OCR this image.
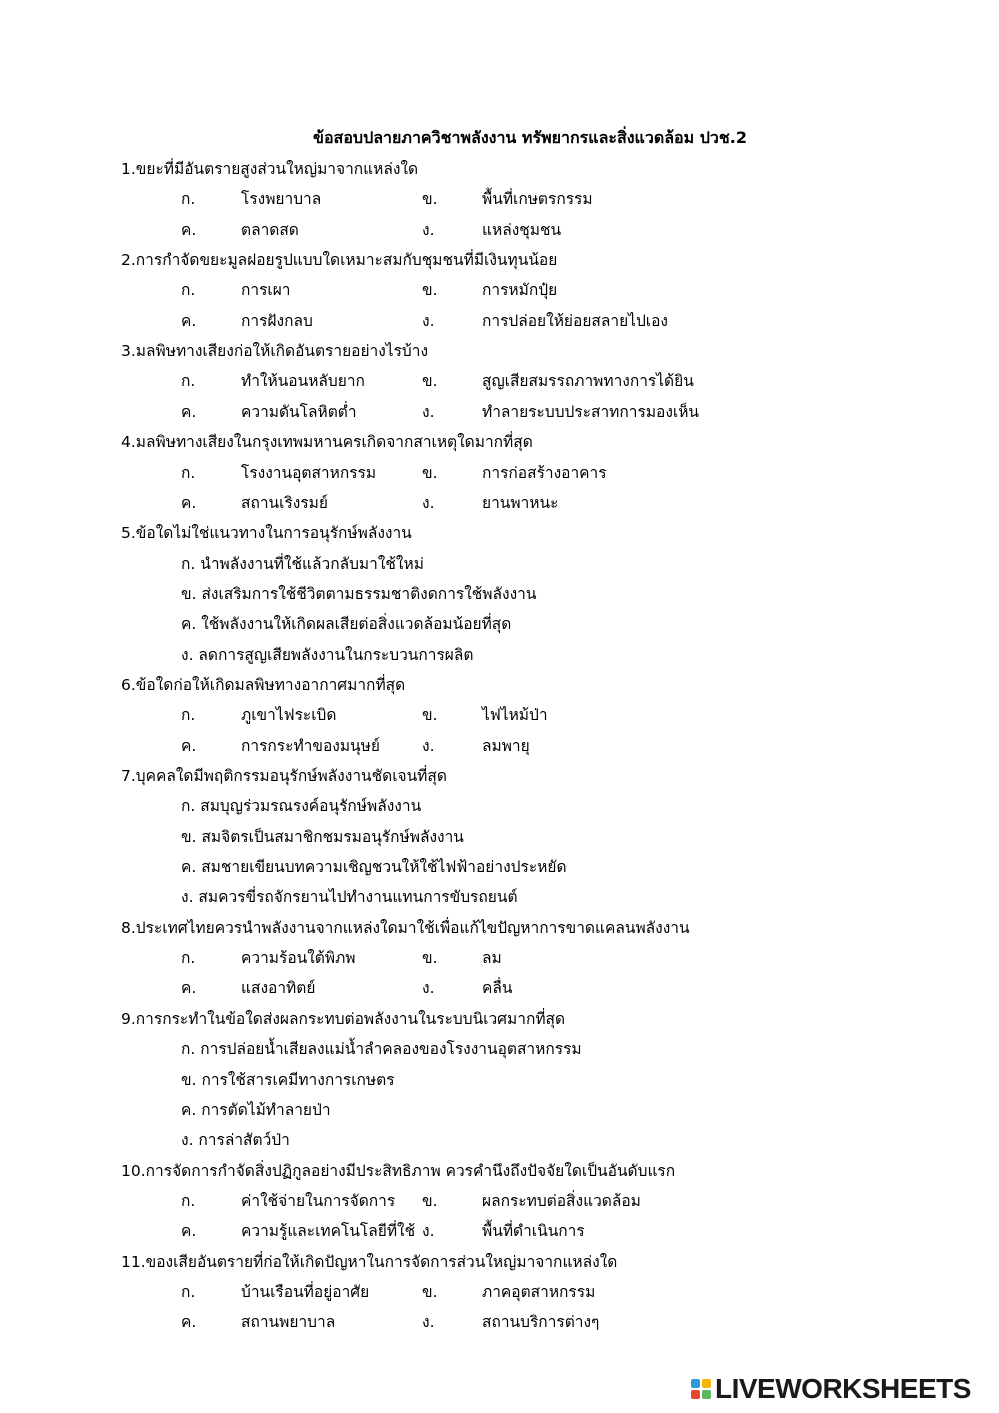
ข้อสอบปลายภาควิชาพลังงาน ทรัพยากรและสิ่งแวดล้อม ปวช.2
1.ขยะที่มีอันตรายสูงส่วนใหญ่มาจากแหล่งใด
ก.	โรงพยาบาล	ข.	พื้นที่เกษตรกรรม
ค.	ตลาดสด	ง.	แหล่งชุมชน
2.การกำจัดขยะมูลฝอยรูปแบบใดเหมาะสมกับชุมชนที่มีเงินทุนน้อย
ก.	การเผา	ข.	การหมักปุ๋ย
ค.	การฝังกลบ	ง.	การปล่อยให้ย่อยสลายไปเอง
3.มลพิษทางเสียงก่อให้เกิดอันตรายอย่างไรบ้าง
ก.	ทำให้นอนหลับยาก	ข.	สูญเสียสมรรถภาพทางการได้ยิน
ค.	ความดันโลหิตต่ำ	ง.	ทำลายระบบประสาทการมองเห็น
4.มลพิษทางเสียงในกรุงเทพมหานครเกิดจากสาเหตุใดมากที่สุด
ก.	โรงงานอุตสาหกรรม	ข.	การก่อสร้างอาคาร
ค.	สถานเริงรมย์	ง.	ยานพาหนะ
5.ข้อใดไม่ใช่แนวทางในการอนุรักษ์พลังงาน
ก. นำพลังงานที่ใช้แล้วกลับมาใช้ใหม่
ข. ส่งเสริมการใช้ชีวิตตามธรรมชาติงดการใช้พลังงาน
ค. ใช้พลังงานให้เกิดผลเสียต่อสิ่งแวดล้อมน้อยที่สุด
ง. ลดการสูญเสียพลังงานในกระบวนการผลิต
6.ข้อใดก่อให้เกิดมลพิษทางอากาศมากที่สุด
ก.	ภูเขาไฟระเบิด	ข.	ไฟไหม้ป่า
ค.	การกระทำของมนุษย์	ง.	ลมพายุ
7.บุคคลใดมีพฤติกรรมอนุรักษ์พลังงานชัดเจนที่สุด
ก. สมบุญร่วมรณรงค์อนุรักษ์พลังงาน
ข. สมจิตรเป็นสมาชิกชมรมอนุรักษ์พลังงาน
ค. สมชายเขียนบทความเชิญชวนให้ใช้ไฟฟ้าอย่างประหยัด
ง. สมควรขี่รถจักรยานไปทำงานแทนการขับรถยนต์
8.ประเทศไทยควรนำพลังงานจากแหล่งใดมาใช้เพื่อแก้ไขปัญหาการขาดแคลนพลังงาน
ก.	ความร้อนใต้พิภพ	ข.	ลม
ค.	แสงอาทิตย์	ง.	คลื่น
9.การกระทำในข้อใดส่งผลกระทบต่อพลังงานในระบบนิเวศมากที่สุด
ก. การปล่อยน้ำเสียลงแม่น้ำลำคลองของโรงงานอุตสาหกรรม
ข. การใช้สารเคมีทางการเกษตร
ค. การตัดไม้ทำลายป่า
ง. การล่าสัตว์ป่า
10.การจัดการกำจัดสิ่งปฏิกูลอย่างมีประสิทธิภาพ ควรคำนึงถึงปัจจัยใดเป็นอันดับแรก
ก.	ค่าใช้จ่ายในการจัดการ ข.	ผลกระทบต่อสิ่งแวดล้อม
ค.	ความรู้และเทคโนโลยีที่ใช้ ง.	พื้นที่ดำเนินการ
11.ของเสียอันตรายที่ก่อให้เกิดปัญหาในการจัดการส่วนใหญ่มาจากแหล่งใด
ก.	บ้านเรือนที่อยู่อาศัย	ข.	ภาคอุตสาหกรรม
ค.	สถานพยาบาล	ง.	สถานบริการต่างๆ
LIVEWORKSHEETS
